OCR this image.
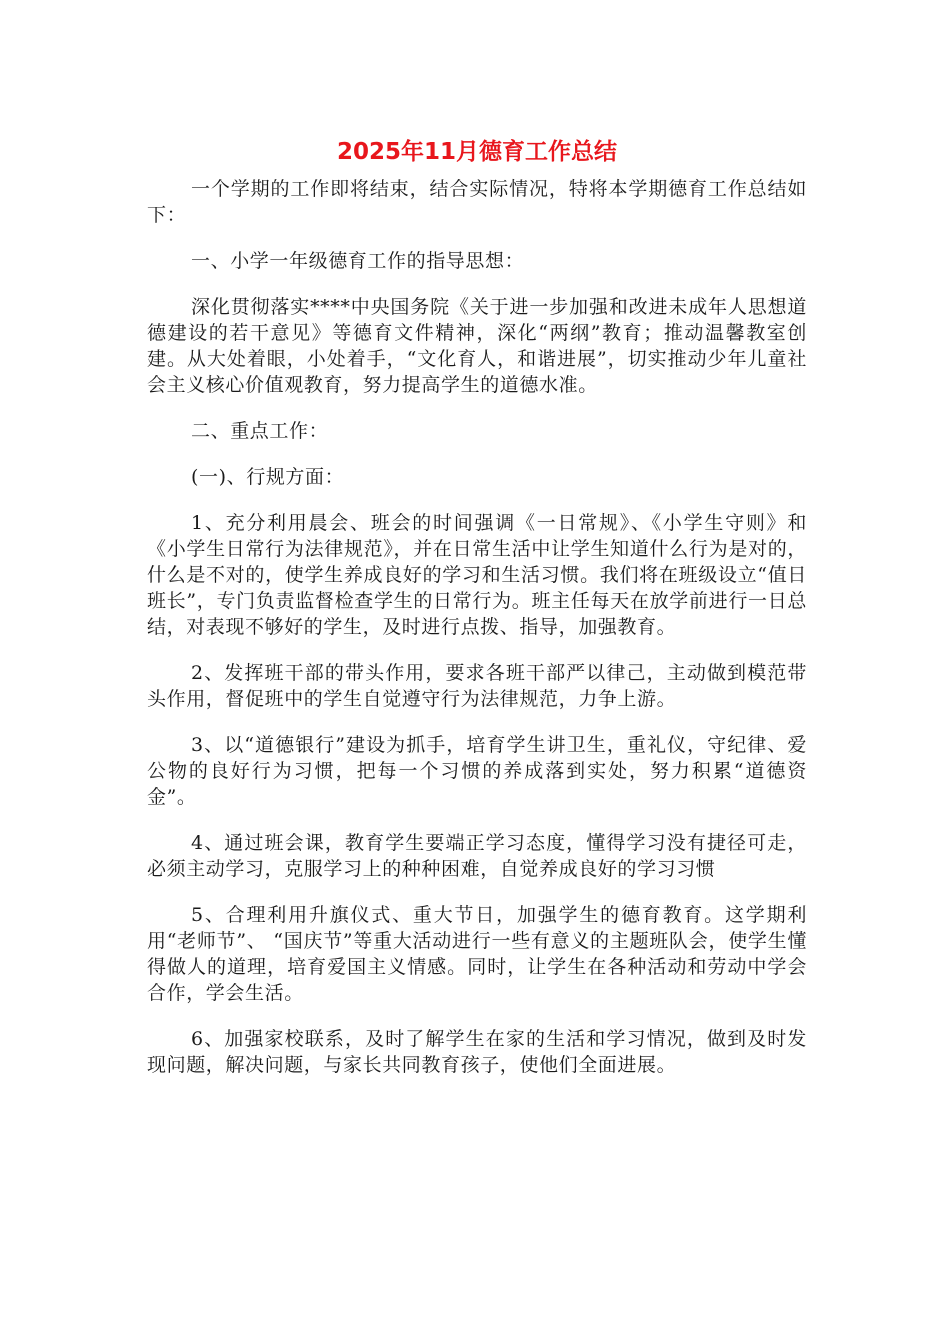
2025年11月德育工作总结

一个学期的工作即将结束，结合实际情况，特将本学期德育工作总结如下：

一、小学一年级德育工作的指导思想：

深化贯彻落实****中央国务院《关于进一步加强和改进未成年人思想道德建设的若干意见》等德育文件精神，深化“两纲”教育；推动温馨教室创建。从大处着眼，小处着手，“文化育人，和谐进展”，切实推动少年儿童社会主义核心价值观教育，努力提高学生的道德水准。

二、重点工作：

(一)、行规方面：

1、充分利用晨会、班会的时间强调《一日常规》、《小学生守则》和《小学生日常行为法律规范》，并在日常生活中让学生知道什么行为是对的，什么是不对的，使学生养成良好的学习和生活习惯。我们将在班级设立“值日班长”，专门负责监督检查学生的日常行为。班主任每天在放学前进行一日总结，对表现不够好的学生，及时进行点拨、指导，加强教育。

2、发挥班干部的带头作用，要求各班干部严以律己，主动做到模范带头作用，督促班中的学生自觉遵守行为法律规范，力争上游。

3、以“道德银行”建设为抓手，培育学生讲卫生，重礼仪，守纪律、爱公物的良好行为习惯，把每一个习惯的养成落到实处，努力积累“道德资金”。

4、通过班会课，教育学生要端正学习态度，懂得学习没有捷径可走，必须主动学习，克服学习上的种种困难，自觉养成良好的学习习惯

5、合理利用升旗仪式、重大节日，加强学生的德育教育。这学期利用“老师节”、 “国庆节”等重大活动进行一些有意义的主题班队会，使学生懂得做人的道理，培育爱国主义情感。同时，让学生在各种活动和劳动中学会合作，学会生活。

6、加强家校联系，及时了解学生在家的生活和学习情况，做到及时发现问题，解决问题，与家长共同教育孩子，使他们全面进展。
